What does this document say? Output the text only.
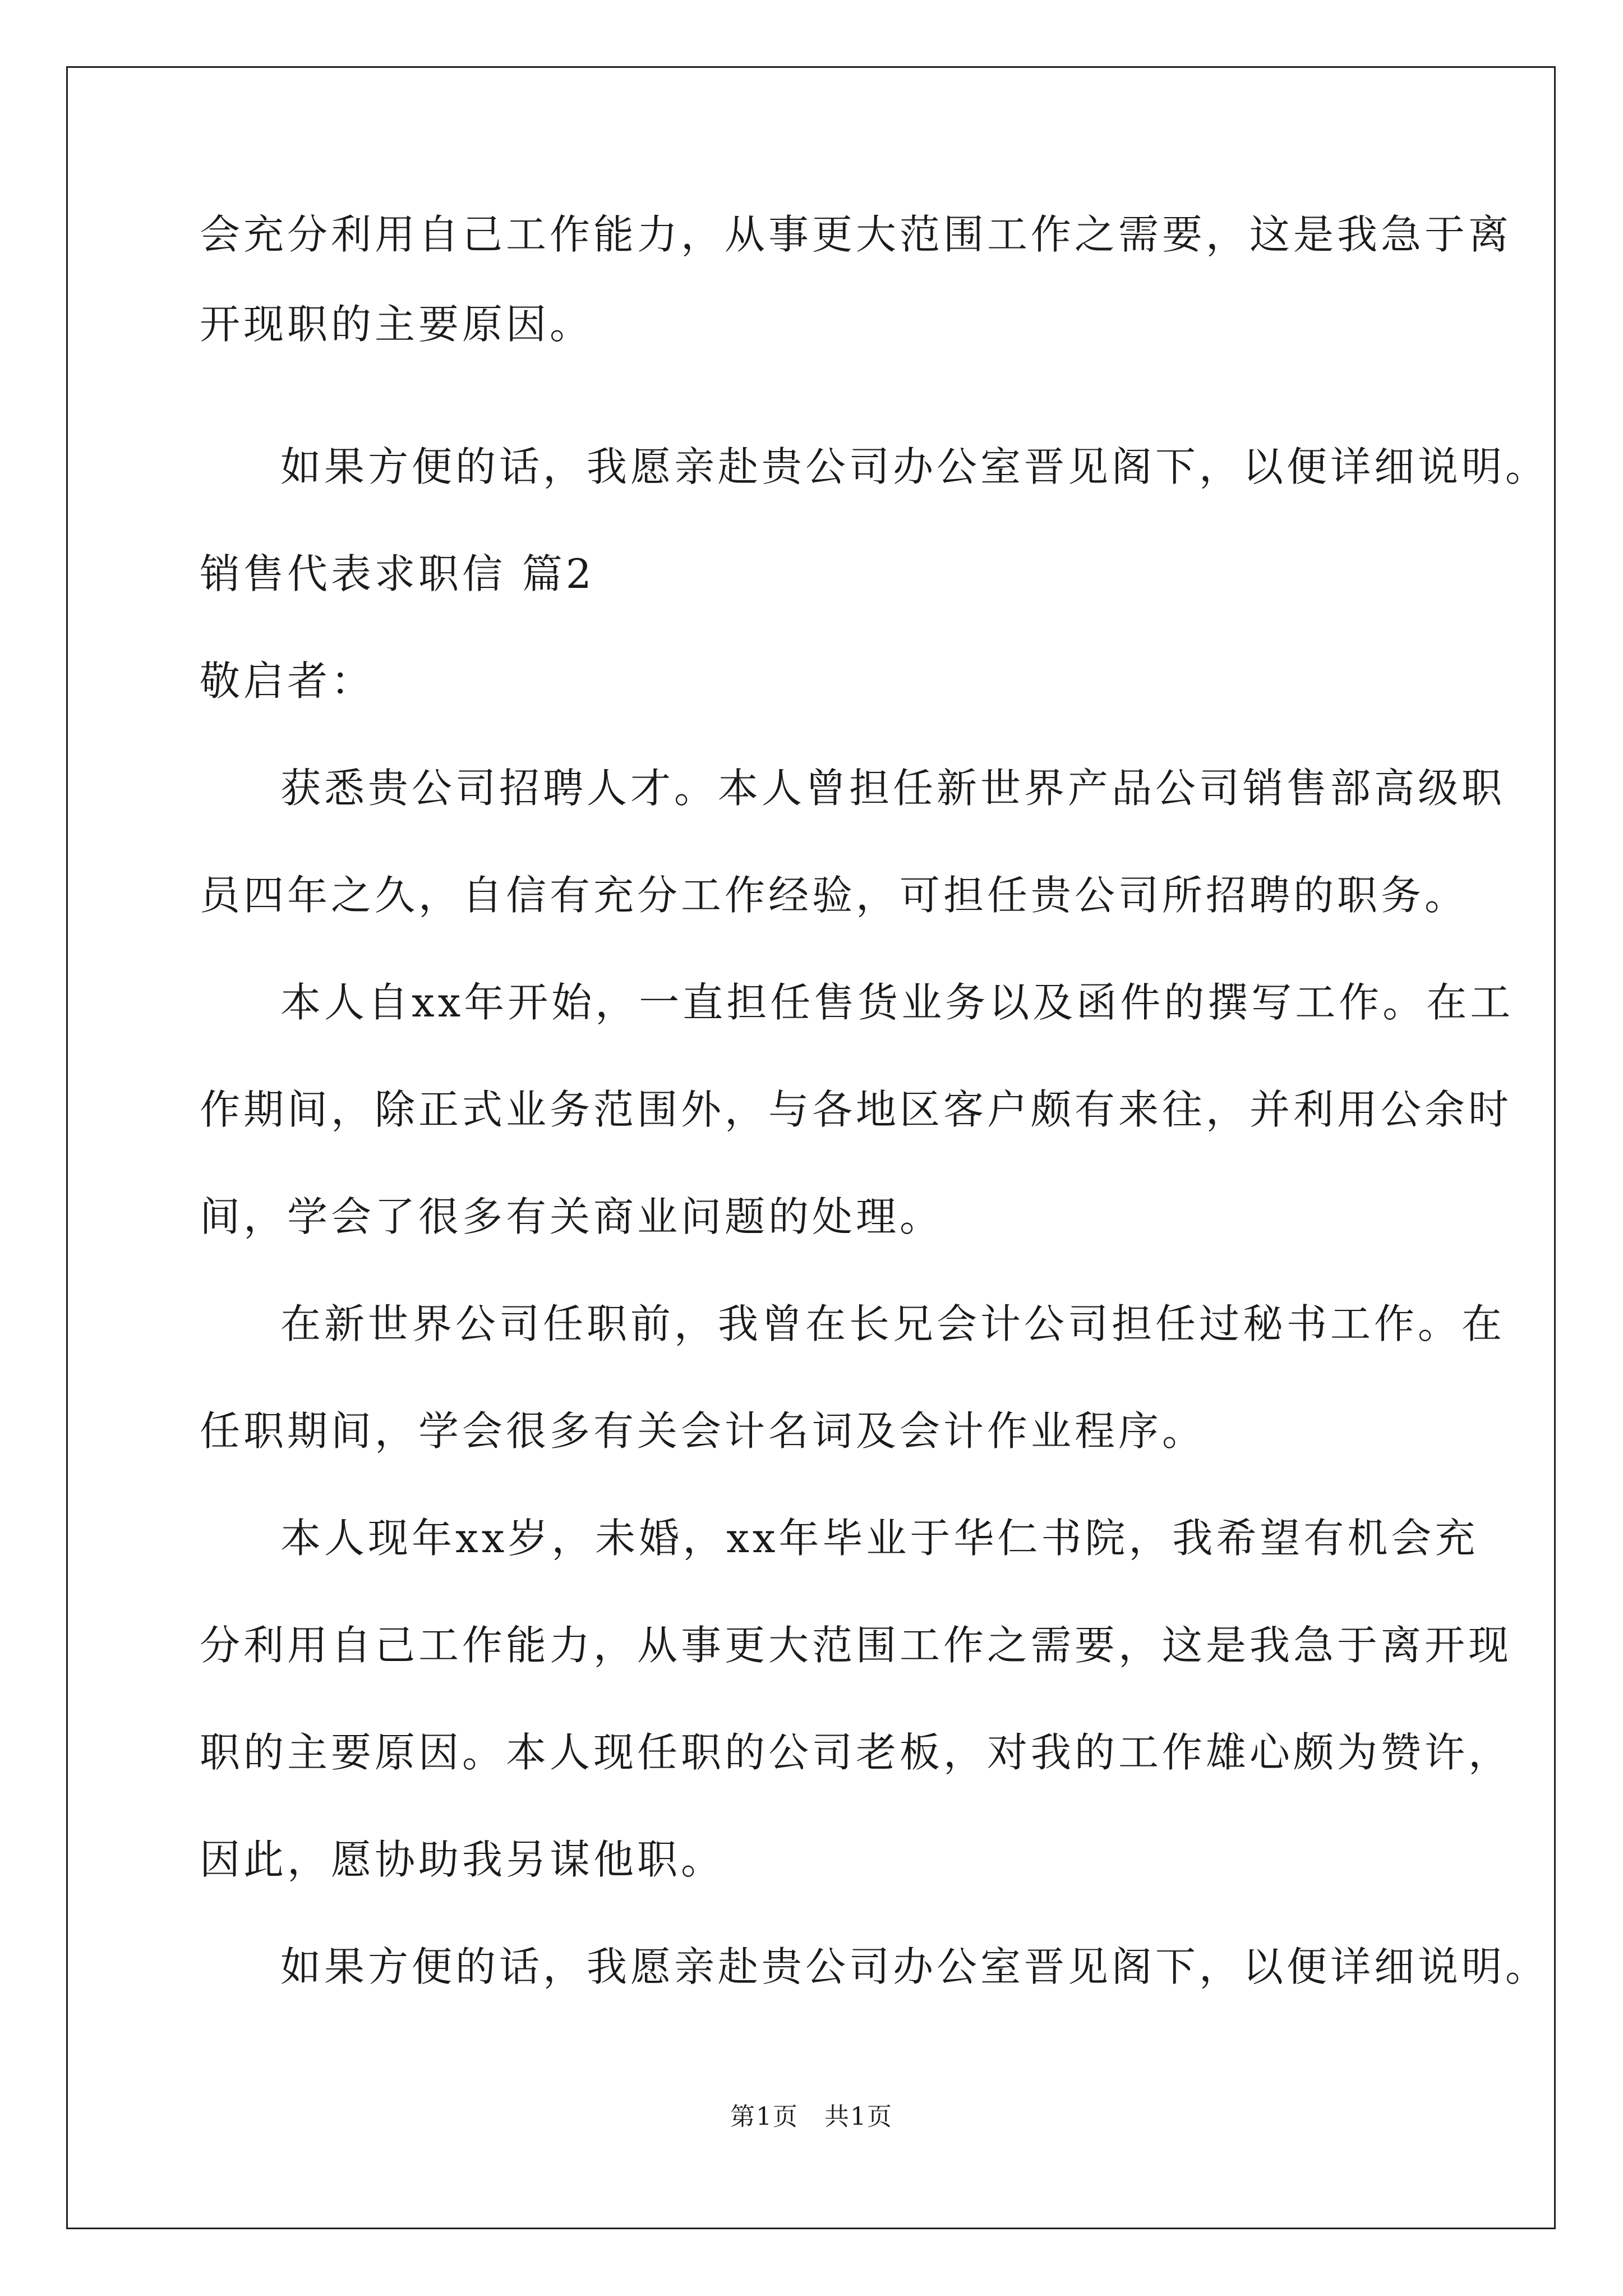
会充分利用自己工作能力，从事更大范围工作之需要，这是我急于离
开现职的主要原因。
如果方便的话，我愿亲赴贵公司办公室晋见阁下，以便详细说明。
销售代表求职信 篇2
敬启者：
获悉贵公司招聘人才。本人曾担任新世界产品公司销售部高级职
员四年之久，自信有充分工作经验，可担任贵公司所招聘的职务。
本人自xx年开始，一直担任售货业务以及函件的撰写工作。在工
作期间，除正式业务范围外，与各地区客户颇有来往，并利用公余时
间，学会了很多有关商业问题的处理。
在新世界公司任职前，我曾在长兄会计公司担任过秘书工作。在
任职期间，学会很多有关会计名词及会计作业程序。
本人现年xx岁，未婚，xx年毕业于华仁书院，我希望有机会充
分利用自己工作能力，从事更大范围工作之需要，这是我急于离开现
职的主要原因。本人现任职的公司老板，对我的工作雄心颇为赞许，
因此，愿协助我另谋他职。
如果方便的话，我愿亲赴贵公司办公室晋见阁下，以便详细说明。
第1页　共1页
